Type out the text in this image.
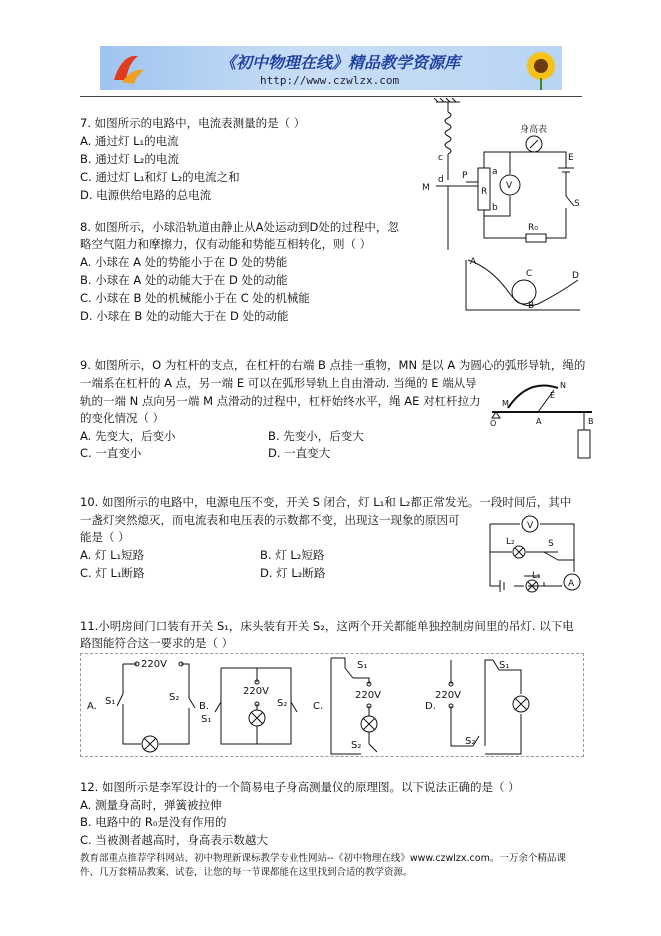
《初中物理在线》精品教学资源库
http://www.czwlzx.com
7. 如图所示的电路中，电流表测量的是（ ）
A. 通过灯 L₁的电流
B. 通过灯 L₂的电流
C. 通过灯 L₁和灯 L₂的电流之和
D. 电源供给电路的总电流
8. 如图所示，小球沿轨道由静止从A处运动到D处的过程中，忽
略空气阻力和摩擦力，仅有动能和势能互相转化，则（ ）
A. 小球在 A 处的势能小于在 D 处的势能
B. 小球在 A 处的动能大于在 D 处的动能
C. 小球在 B 处的机械能小于在 C 处的机械能
D. 小球在 B 处的动能大于在 D 处的动能
9. 如图所示，O 为杠杆的支点，在杠杆的右端 B 点挂一重物，MN 是以 A 为圆心的弧形导轨，绳的
一端系在杠杆的 A 点，另一端 E 可以在弧形导轨上自由滑动. 当绳的 E 端从导
轨的一端 N 点向另一端 M 点滑动的过程中，杠杆始终水平，绳 AE 对杠杆拉力
的变化情况（ ）
A. 先变大，后变小	B. 先变小，后变大
C. 一直变小	D. 一直变大
10. 如图所示的电路中，电源电压不变，开关 S 闭合，灯 L₁和 L₂都正常发光。一段时间后，其中
一盏灯突然熄灭，而电流表和电压表的示数都不变，出现这一现象的原因可
能是（ ）
A. 灯 L₁短路	B. 灯 L₂短路
C. 灯 L₁断路	D. 灯 L₂断路
11.小明房间门口装有开关 S₁，床头装有开关 S₂，这两个开关都能单独控制房间里的吊灯. 以下电
路图能符合这一要求的是（ ）
A.	B.	C.	D.
220V
220V	220V	220V
S₁	S₂
S₁
S₂
S₁
S₂
S₁
S₂
12. 如图所示是李军设计的一个简易电子身高测量仪的原理图。以下说法正确的是（ ）
A. 测量身高时，弹簧被拉伸
B. 电路中的 R₀是没有作用的
C. 当被测者越高时，身高表示数越大
M
P
R
a
b
c
d
V
身高表
E
S
R₀
A
B
C	D
O	A	B
M
N
E
V
A
L₂
L₁
S
教育部重点推荐学科网站、初中物理新课标教学专业性网站--《初中物理在线》www.czwlzx.com。一万余个精品课
件、几万套精品教案、试卷，让您的每一节课都能在这里找到合适的教学资源。
